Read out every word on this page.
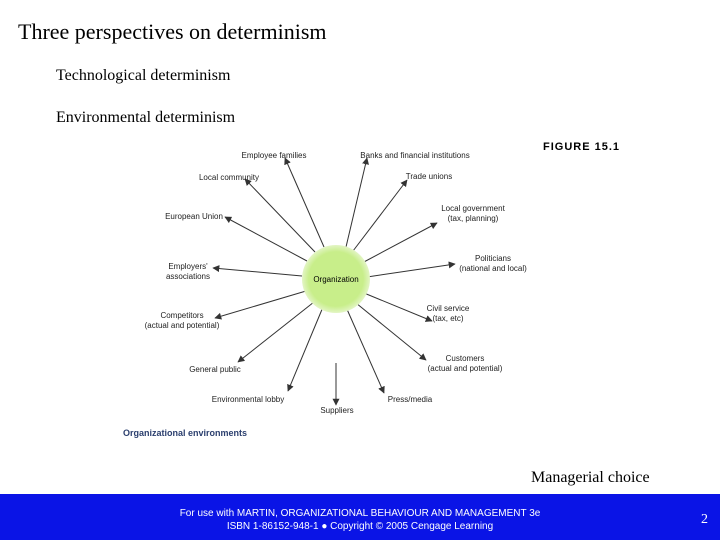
Three perspectives on determinism
Technological determinism
Environmental determinism
FIGURE 15.1
Organization
Employee families	Banks and financial institutions
Trade unions
Local government
(tax, planning)
Politicians
(national and local)
Civil service
(tax, etc)
Customers
(actual and potential)
Press/media
Suppliers
Environmental lobby
General public
Competitors
(actual and potential)
Employers'
associations
European Union
Local community
Organizational environments
Managerial choice
For use with MARTIN, ORGANIZATIONAL BEHAVIOUR AND MANAGEMENT 3e
ISBN 1-86152-948-1 ● Copyright © 2005 Cengage Learning	2
